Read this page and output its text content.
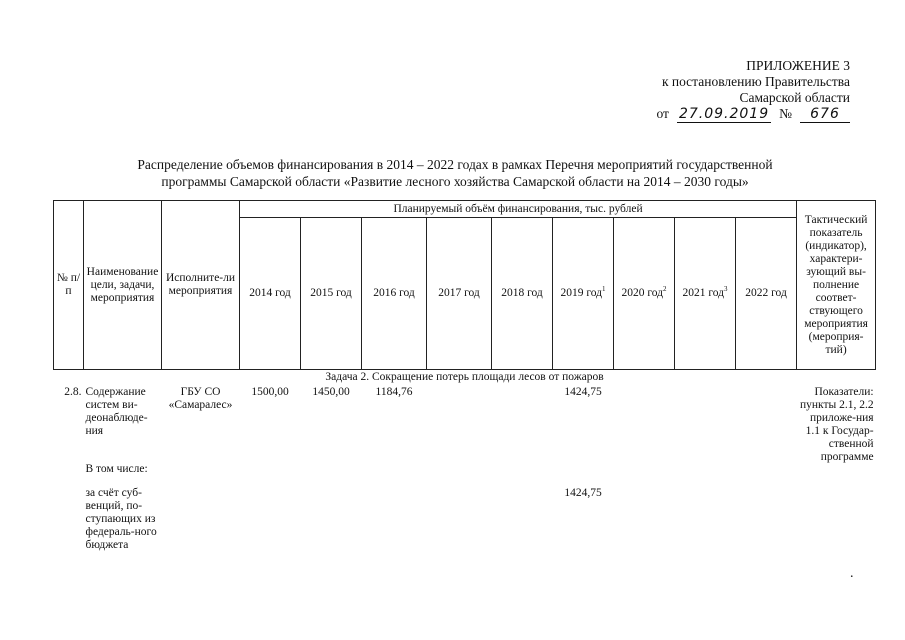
ПРИЛОЖЕНИЕ 3
к постановлению Правительства
Самарской области
от 27.09.2019 №	676
Распределение объемов финансирования в 2014 – 2022 годах в рамках Перечня мероприятий государственной
программы Самарской области «Развитие лесного хозяйства Самарской области на 2014 – 2030 годы»
№ п/п	Наименование цели, задачи, мероприятия	Исполните-ли мероприятия	Планируемый объём финансирования, тыс. рублей									Тактический показатель (индикатор), характери-зующий вы-полнение соответ-ствующего мероприятия (мероприя-тий)
			2014 год	2015 год	2016 год	2017 год	2018 год	2019 год$^1$	2020 год$^2$	2021 год$^3$	2022 год	
Задача 2. Сокращение потерь площади лесов от пожаров												
2.8.	Содержание систем ви-деонаблюде-ния	ГБУ СО «Самаралес»	1500,00	1450,00	1184,76			1424,75				Показатели: пункты 2.1, 2.2 приложе-ния 1.1 к Государ-ственной программе
	В том числе:											
	за счёт суб-венций, по-ступающих из федераль-ного бюджета							1424,75				
.
